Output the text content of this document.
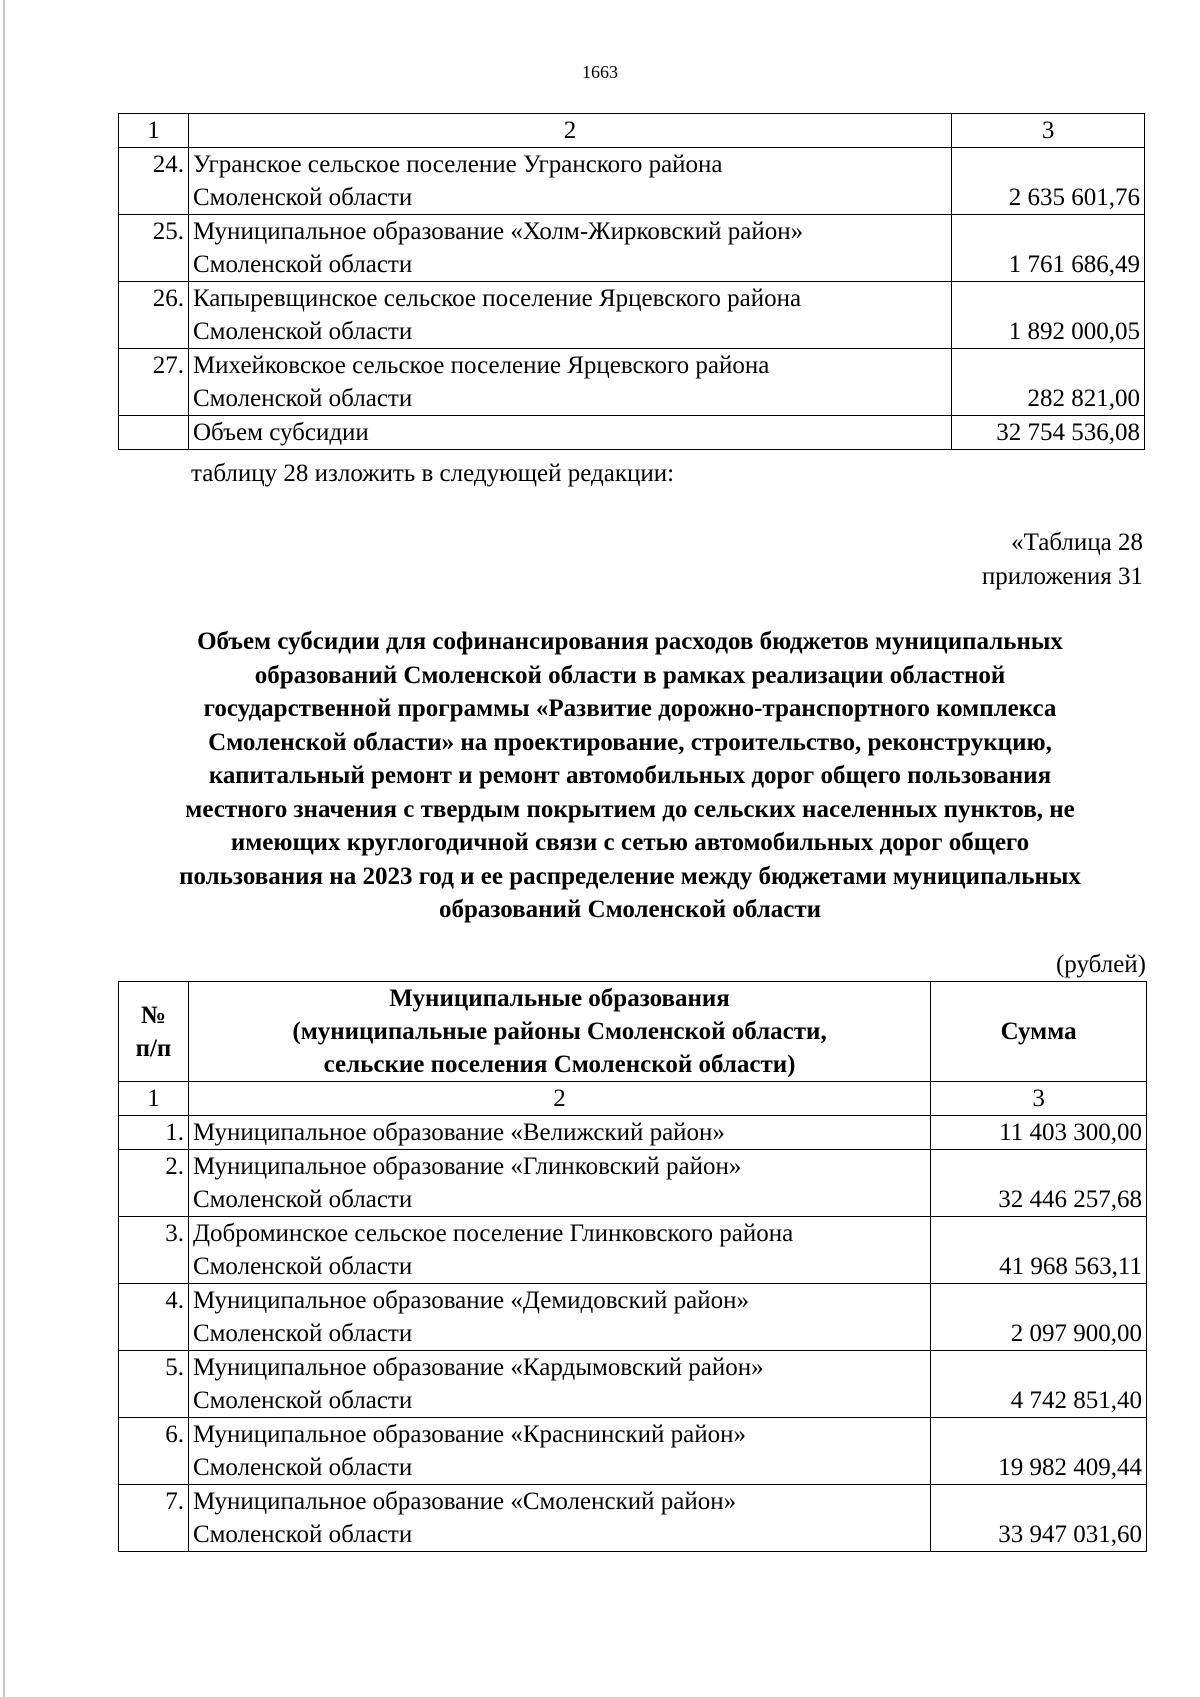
1663
1	2	3
24.	Угранское сельское поселение Угранского района
Смоленской области	2 635 601,76
25.	Муниципальное образование «Холм-Жирковский район»
Смоленской области	1 761 686,49
26.	Капыревщинское сельское поселение Ярцевского района
Смоленской области	1 892 000,05
27.	Михейковское сельское поселение Ярцевского района
Смоленской области	282 821,00
	Объем субсидии	32 754 536,08
таблицу 28 изложить в следующей редакции:
«Таблица 28
приложения 31
Объем субсидии для софинансирования расходов бюджетов муниципальных
образований Смоленской области в рамках реализации областной
государственной программы «Развитие дорожно-транспортного комплекса
Смоленской области» на проектирование, строительство, реконструкцию,
капитальный ремонт и ремонт автомобильных дорог общего пользования
местного значения с твердым покрытием до сельских населенных пунктов, не
имеющих круглогодичной связи с сетью автомобильных дорог общего
пользования на 2023 год и ее распределение между бюджетами муниципальных
образований Смоленской области
(рублей)
№
п/п	Муниципальные образования
(муниципальные районы Смоленской области,
сельские поселения Смоленской области)	Сумма
1	2	3
1.	Муниципальное образование «Велижский район»	11 403 300,00
2.	Муниципальное образование «Глинковский район»
Смоленской области	32 446 257,68
3.	Доброминское сельское поселение Глинковского района
Смоленской области	41 968 563,11
4.	Муниципальное образование «Демидовский район»
Смоленской области	2 097 900,00
5.	Муниципальное образование «Кардымовский район»
Смоленской области	4 742 851,40
6.	Муниципальное образование «Краснинский район»
Смоленской области	19 982 409,44
7.	Муниципальное образование «Смоленский район»
Смоленской области	33 947 031,60
